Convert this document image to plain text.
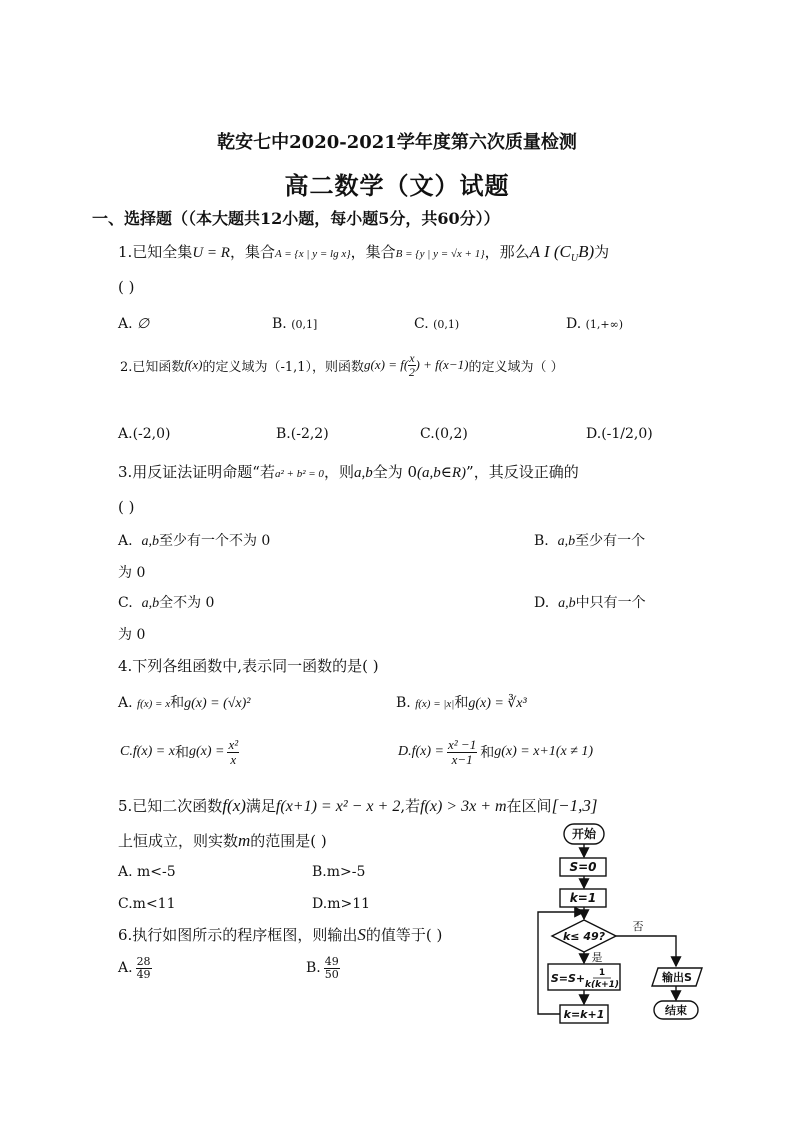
乾安七中2020-2021学年度第六次质量检测
高二数学（文）试题
一、选择题（（本大题共12小题，每小题5分，共60分））
1.已知全集U = R，集合A = {x | y = lg x}，集合B = {y | y = √x + 1}，那么A I $(C_UB)$为
( )
A. ∅	B. (0,1]	C. (0,1)	D. (1,+∞)
2.已知函数 f(x) 的定义域为（-1,1），则函数 $g(x) = f( \frac{x}{2}$ ) + f(x−1) 的定义域为（ ）
A.(-2,0)	B.(-2,2)	C.(0,2)	D.(-1/2,0)
3.用反证法证明命题“若a² + b² = 0，则a,b全为 0(a,b∈R)”，其反设正确的
( )
A. a,b至少有一个不为 0	B. a,b至少有一个
为 0
C. a,b全不为 0	D. a,b中只有一个
为 0
4.下列各组函数中,表示同一函数的是( )
A. f(x) = x和g(x) = (√x)²	B. f(x) = |x|和g(x) = ∛x³
C.f(x) = x 和 $g(x) = \frac{\text{x²}}{x}$	$D.f(x) = \frac{\text{x² −1}}{x-1}$ 和 g(x) = x+1(x ≠ 1)
5.已知二次函数f(x)满足f(x+1) = x² − x + 2,若f(x) > 3x + m在区间[−1,3]
上恒成立，则实数m的范围是( )
A. m<-5	B.m>-5
C.m<11	D.m>11
6.执行如图所示的程序框图，则输出S的值等于( )
A. $\frac{28}{49}$	B. $\frac{49}{50}$
开始
S=0
k=1
k≤ 49?
是
否
S=S+ 1
k(k+1)
k=k+1
输出S
结束
